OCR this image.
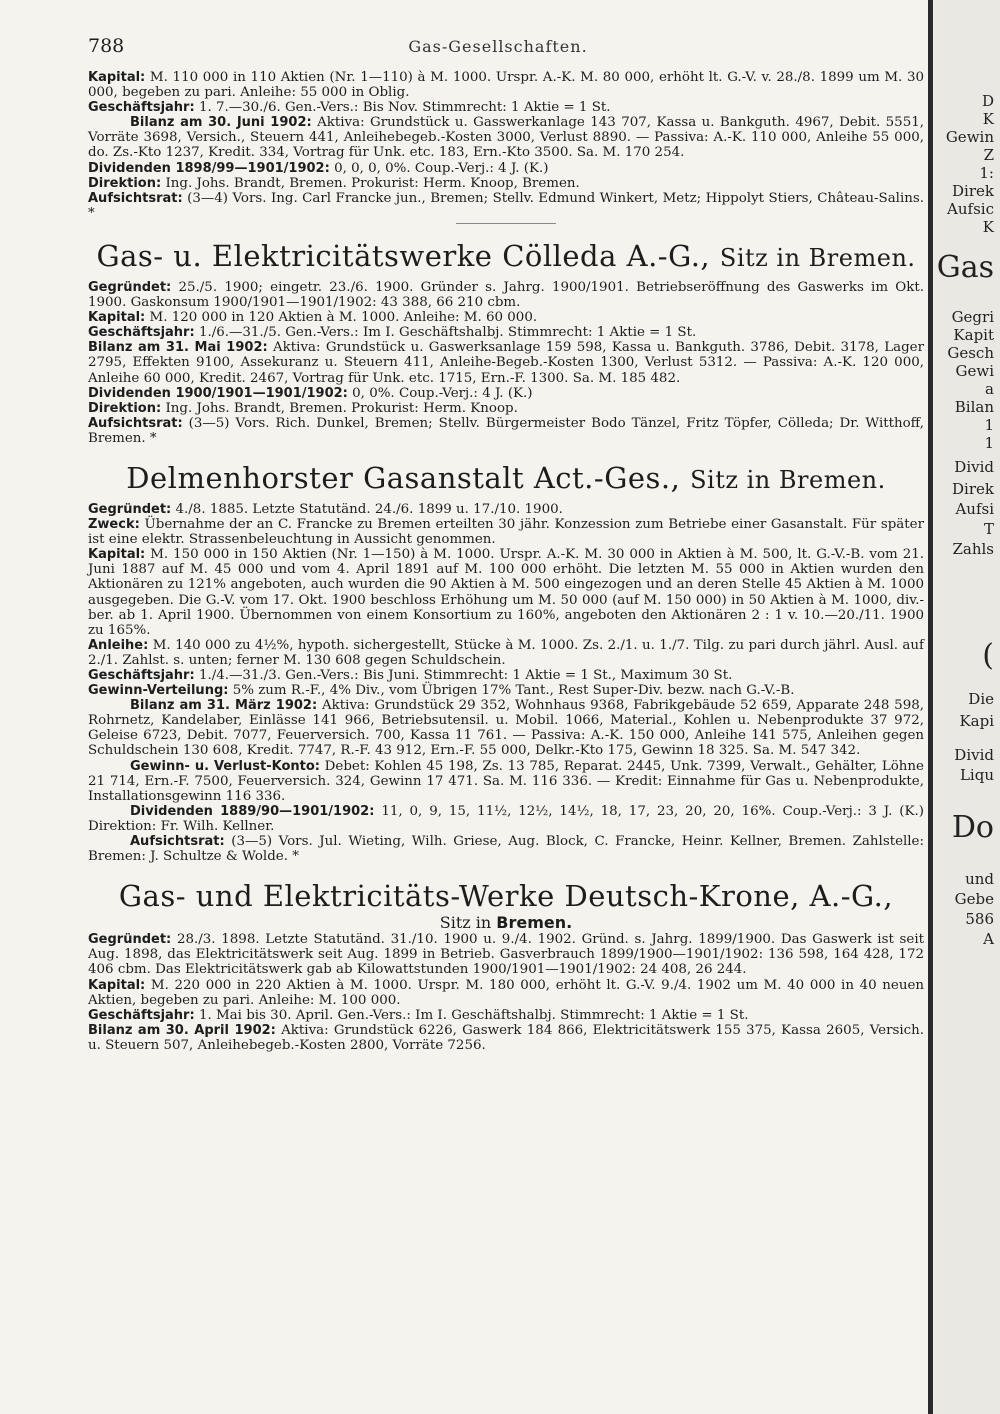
788	Gas-Gesellschaften.

Kapital: M. 110 000 in 110 Aktien (Nr. 1—110) à M. 1000. Urspr. A.-K. M. 80 000, erhöht lt. G.-V. v. 28./8. 1899 um M. 30 000, begeben zu pari. Anleihe: 55 000 in Oblig.

Geschäftsjahr: 1. 7.—30./6. Gen.-Vers.: Bis Nov. Stimmrecht: 1 Aktie = 1 St.

Bilanz am 30. Juni 1902: Aktiva: Grundstück u. Gasswerkanlage 143 707, Kassa u. Bankguth. 4967, Debit. 5551, Vorräte 3698, Versich., Steuern 441, Anleihebegeb.-Kosten 3000, Verlust 8890. — Passiva: A.-K. 110 000, Anleihe 55 000, do. Zs.-Kto 1237, Kredit. 334, Vortrag für Unk. etc. 183, Ern.-Kto 3500. Sa. M. 170 254.

Dividenden 1898/99—1901/1902: 0, 0, 0, 0%. Coup.-Verj.: 4 J. (K.)

Direktion: Ing. Johs. Brandt, Bremen. Prokurist: Herm. Knoop, Bremen.

Aufsichtsrat: (3—4) Vors. Ing. Carl Francke jun., Bremen; Stellv. Edmund Winkert, Metz; Hippolyt Stiers, Château-Salins. *

Gas- u. Elektricitätswerke Cölleda A.-G., Sitz in Bremen.

Gegründet: 25./5. 1900; eingetr. 23./6. 1900. Gründer s. Jahrg. 1900/1901. Betriebseröffnung des Gaswerks im Okt. 1900. Gaskonsum 1900/1901—1901/1902: 43 388, 66 210 cbm.

Kapital: M. 120 000 in 120 Aktien à M. 1000. Anleihe: M. 60 000.

Geschäftsjahr: 1./6.—31./5. Gen.-Vers.: Im I. Geschäftshalbj. Stimmrecht: 1 Aktie = 1 St.

Bilanz am 31. Mai 1902: Aktiva: Grundstück u. Gaswerksanlage 159 598, Kassa u. Bankguth. 3786, Debit. 3178, Lager 2795, Effekten 9100, Assekuranz u. Steuern 411, Anleihe-Begeb.-Kosten 1300, Verlust 5312. — Passiva: A.-K. 120 000, Anleihe 60 000, Kredit. 2467, Vortrag für Unk. etc. 1715, Ern.-F. 1300. Sa. M. 185 482.

Dividenden 1900/1901—1901/1902: 0, 0%. Coup.-Verj.: 4 J. (K.)

Direktion: Ing. Johs. Brandt, Bremen. Prokurist: Herm. Knoop.

Aufsichtsrat: (3—5) Vors. Rich. Dunkel, Bremen; Stellv. Bürgermeister Bodo Tänzel, Fritz Töpfer, Cölleda; Dr. Witthoff, Bremen. *

Delmenhorster Gasanstalt Act.-Ges., Sitz in Bremen.

Gegründet: 4./8. 1885. Letzte Statutänd. 24./6. 1899 u. 17./10. 1900.

Zweck: Übernahme der an C. Francke zu Bremen erteilten 30 jähr. Konzession zum Betriebe einer Gasanstalt. Für später ist eine elektr. Strassenbeleuchtung in Aussicht genommen.

Kapital: M. 150 000 in 150 Aktien (Nr. 1—150) à M. 1000. Urspr. A.-K. M. 30 000 in Aktien à M. 500, lt. G.-V.-B. vom 21. Juni 1887 auf M. 45 000 und vom 4. April 1891 auf M. 100 000 erhöht. Die letzten M. 55 000 in Aktien wurden den Aktionären zu 121% angeboten, auch wurden die 90 Aktien à M. 500 eingezogen und an deren Stelle 45 Aktien à M. 1000 ausgegeben. Die G.-V. vom 17. Okt. 1900 beschloss Erhöhung um M. 50 000 (auf M. 150 000) in 50 Aktien à M. 1000, div.-ber. ab 1. April 1900. Übernommen von einem Konsortium zu 160%, angeboten den Aktionären 2 : 1 v. 10.—20./11. 1900 zu 165%.

Anleihe: M. 140 000 zu 4½%, hypoth. sichergestellt, Stücke à M. 1000. Zs. 2./1. u. 1./7. Tilg. zu pari durch jährl. Ausl. auf 2./1. Zahlst. s. unten; ferner M. 130 608 gegen Schuldschein.

Geschäftsjahr: 1./4.—31./3. Gen.-Vers.: Bis Juni. Stimmrecht: 1 Aktie = 1 St., Maximum 30 St.

Gewinn-Verteilung: 5% zum R.-F., 4% Div., vom Übrigen 17% Tant., Rest Super-Div. bezw. nach G.-V.-B.

Bilanz am 31. März 1902: Aktiva: Grundstück 29 352, Wohnhaus 9368, Fabrikgebäude 52 659, Apparate 248 598, Rohrnetz, Kandelaber, Einlässe 141 966, Betriebsutensil. u. Mobil. 1066, Material., Kohlen u. Nebenprodukte 37 972, Geleise 6723, Debit. 7077, Feuerversich. 700, Kassa 11 761. — Passiva: A.-K. 150 000, Anleihe 141 575, Anleihen gegen Schuldschein 130 608, Kredit. 7747, R.-F. 43 912, Ern.-F. 55 000, Delkr.-Kto 175, Gewinn 18 325. Sa. M. 547 342.

Gewinn- u. Verlust-Konto: Debet: Kohlen 45 198, Zs. 13 785, Reparat. 2445, Unk. 7399, Verwalt., Gehälter, Löhne 21 714, Ern.-F. 7500, Feuerversich. 324, Gewinn 17 471. Sa. M. 116 336. — Kredit: Einnahme für Gas u. Nebenprodukte, Installationsgewinn 116 336.

Dividenden 1889/90—1901/1902: 11, 0, 9, 15, 11½, 12½, 14½, 18, 17, 23, 20, 20, 16%. Coup.-Verj.: 3 J. (K.) Direktion: Fr. Wilh. Kellner.

Aufsichtsrat: (3—5) Vors. Jul. Wieting, Wilh. Griese, Aug. Block, C. Francke, Heinr. Kellner, Bremen. Zahlstelle: Bremen: J. Schultze & Wolde. *

Gas- und Elektricitäts-Werke Deutsch-Krone, A.-G.,
Sitz in Bremen.

Gegründet: 28./3. 1898. Letzte Statutänd. 31./10. 1900 u. 9./4. 1902. Gründ. s. Jahrg. 1899/1900. Das Gaswerk ist seit Aug. 1898, das Elektricitätswerk seit Aug. 1899 in Betrieb. Gasverbrauch 1899/1900—1901/1902: 136 598, 164 428, 172 406 cbm. Das Elektricitätswerk gab ab Kilowattstunden 1900/1901—1901/1902: 24 408, 26 244.

Kapital: M. 220 000 in 220 Aktien à M. 1000. Urspr. M. 180 000, erhöht lt. G.-V. 9./4. 1902 um M. 40 000 in 40 neuen Aktien, begeben zu pari. Anleihe: M. 100 000.

Geschäftsjahr: 1. Mai bis 30. April. Gen.-Vers.: Im I. Geschäftshalbj. Stimmrecht: 1 Aktie = 1 St.

Bilanz am 30. April 1902: Aktiva: Grundstück 6226, Gaswerk 184 866, Elektricitätswerk 155 375, Kassa 2605, Versich. u. Steuern 507, Anleihebegeb.-Kosten 2800, Vorräte 7256.

D
K
Gewin
Z
1:
Direk
Aufsic
K
Gas
Gegri
Kapit
Gesch
Gewi
a
Bilan
1
1
Divid
Direk
Aufsi
T
Zahls
(
Die
Kapi
Divid
Liqu
Do
und
Gebe
586
A
